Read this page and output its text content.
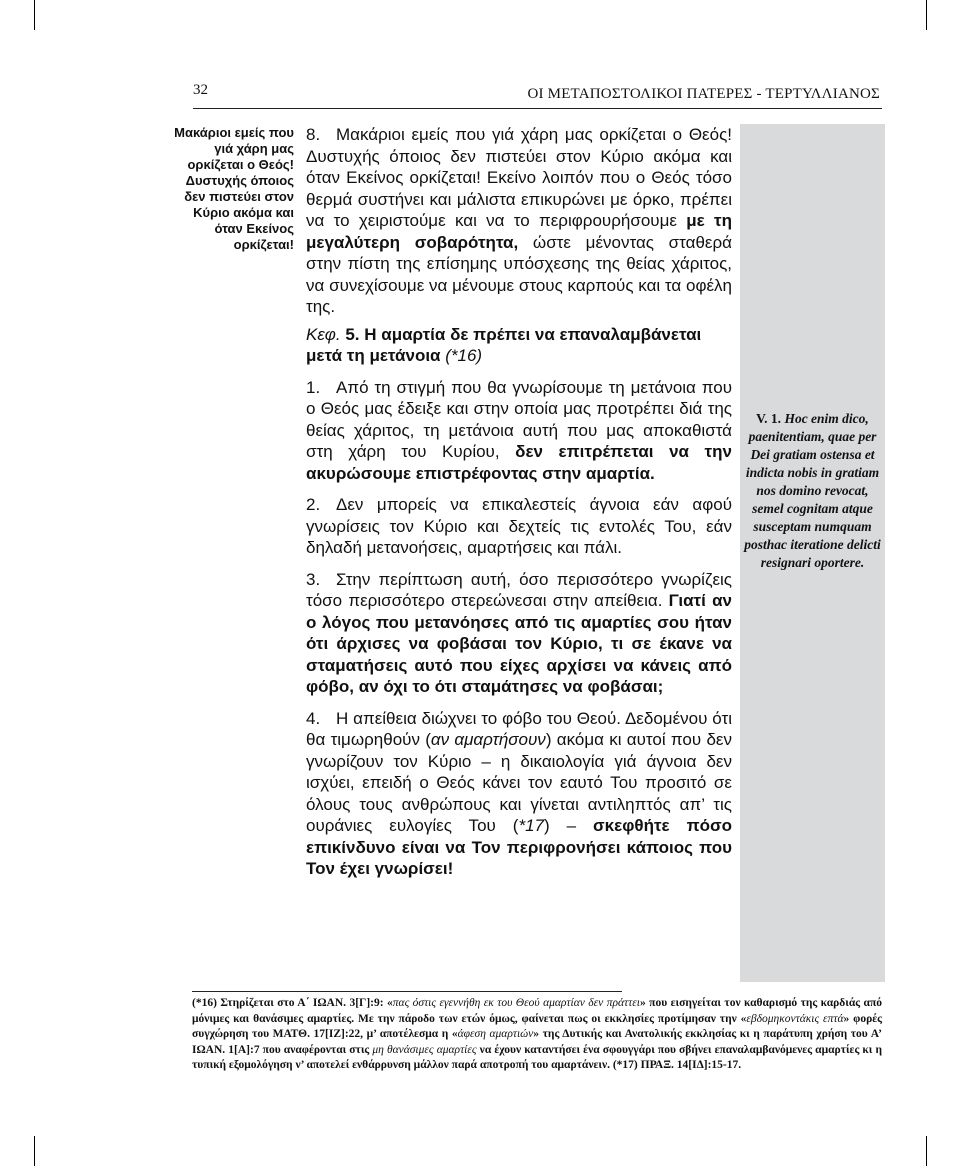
32	ΟΙ ΜΕΤΑΠΟΣΤΟΛΙΚΟΙ ΠΑΤΕΡΕΣ - ΤΕΡΤΥΛΛΙΑΝΟΣ
Μακάριοι εμείς που γιά χάρη μας ορκίζεται ο Θεός! Δυστυχής όποιος δεν πιστεύει στον Κύριο ακόμα και όταν Εκείνος ορκίζεται!
V. 1. Hoc enim dico, paenitentiam, quae per Dei gratiam ostensa et indicta nobis in gratiam nos domino revocat, semel cognitam atque susceptam numquam posthac iteratione delicti resignari oportere.

8. Μακάριοι εμείς που γιά χάρη μας ορκίζεται ο Θεός! Δυστυχής όποιος δεν πιστεύει στον Κύριο ακόμα και όταν Εκείνος ορκίζεται! Εκείνο λοιπόν που ο Θεός τόσο θερμά συστήνει και μάλιστα επικυρώνει με όρκο, πρέπει να το χειριστούμε και να το περιφρουρήσουμε με τη μεγαλύτερη σοβαρότητα, ώστε μένοντας σταθερά στην πίστη της επίσημης υπόσχεσης της θείας χάριτος, να συνεχίσουμε να μένουμε στους καρπούς και τα οφέλη της.

Κεφ. 5. Η αμαρτία δε πρέπει να επαναλαμβάνεται μετά τη μετάνοια (*16)

1. Από τη στιγμή που θα γνωρίσουμε τη μετάνοια που ο Θεός μας έδειξε και στην οποία μας προτρέπει διά της θείας χάριτος, τη μετάνοια αυτή που μας αποκαθιστά στη χάρη του Κυρίου, δεν επιτρέπεται να την ακυρώσουμε επιστρέφοντας στην αμαρτία.

2. Δεν μπορείς να επικαλεστείς άγνοια εάν αφού γνωρίσεις τον Κύριο και δεχτείς τις εντολές Του, εάν δηλαδή μετανοήσεις, αμαρτήσεις και πάλι.

3. Στην περίπτωση αυτή, όσο περισσότερο γνωρίζεις τόσο περισσότερο στερεώνεσαι στην απείθεια. Γιατί αν ο λόγος που μετανόησες από τις αμαρτίες σου ήταν ότι άρχισες να φοβάσαι τον Κύριο, τι σε έκανε να σταματήσεις αυτό που είχες αρχίσει να κάνεις από φόβο, αν όχι το ότι σταμάτησες να φοβάσαι;

4. Η απείθεια διώχνει το φόβο του Θεού. Δεδομένου ότι θα τιμωρηθούν (αν αμαρτήσουν) ακόμα κι αυτοί που δεν γνωρίζουν τον Κύριο – η δικαιολογία γιά άγνοια δεν ισχύει, επειδή ο Θεός κάνει τον εαυτό Του προσιτό σε όλους τους ανθρώπους και γίνεται αντιληπτός απ’ τις ουράνιες ευλογίες Του (*17) – σκεφθήτε πόσο επικίνδυνο είναι να Τον περιφρονήσει κάποιος που Τον έχει γνωρίσει!

(*16) Στηρίζεται στο Α΄ ΙΩΑΝ. 3[Γ]:9: «πας όστις εγεννήθη εκ του Θεού αμαρτίαν δεν πράττει» που εισηγείται τον καθαρισμό της καρδιάς από μόνιμες και θανάσιμες αμαρτίες. Με την πάροδο των ετών όμως, φαίνεται πως οι εκκλησίες προτίμησαν την «εβδομηκοντάκις επτά» φορές συγχώρηση του ΜΑΤΘ. 17[ΙΖ]:22, μ’ αποτέλεσμα η «άφεση αμαρτιών» της Δυτικής και Ανατολικής εκκλησίας κι η παράτυπη χρήση του Α’ ΙΩΑΝ. 1[Α]:7 που αναφέρονται στις μη θανάσιμες αμαρτίες να έχουν καταντήσει ένα σφουγγάρι που σβήνει επαναλαμβανόμενες αμαρτίες κι η τυπική εξομολόγηση ν’ αποτελεί ενθάρρυνση μάλλον παρά αποτροπή του αμαρτάνειν. (*17) ΠΡΑΞ. 14[ΙΔ]:15-17.
